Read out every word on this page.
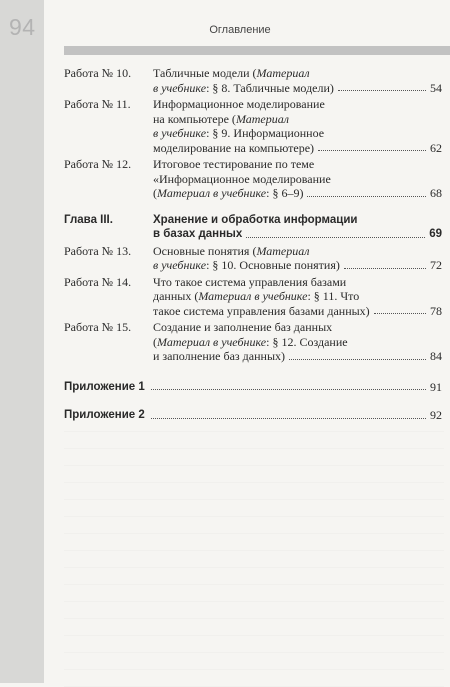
94	Оглавление
Работа № 10. Табличные модели (Материал
в учебнике: § 8. Табличные модели)	54
Работа № 11. Информационное моделирование
на компьютере (Материал
в учебнике: § 9. Информационное
моделирование на компьютере)	62
Работа № 12. Итоговое тестирование по теме
«Информационное моделирование
(Материал в учебнике: § 6–9)	68
Глава III.	Хранение и обработка информации
в базах данных	69
Работа № 13. Основные понятия (Материал
в учебнике: § 10. Основные понятия)	72
Работа № 14. Что такое система управления базами
данных (Материал в учебнике: § 11. Что
такое система управления базами данных)	78
Работа № 15. Создание и заполнение баз данных
(Материал в учебнике: § 12. Создание
и заполнение баз данных)	84
Приложение 1	91
Приложение 2	92
